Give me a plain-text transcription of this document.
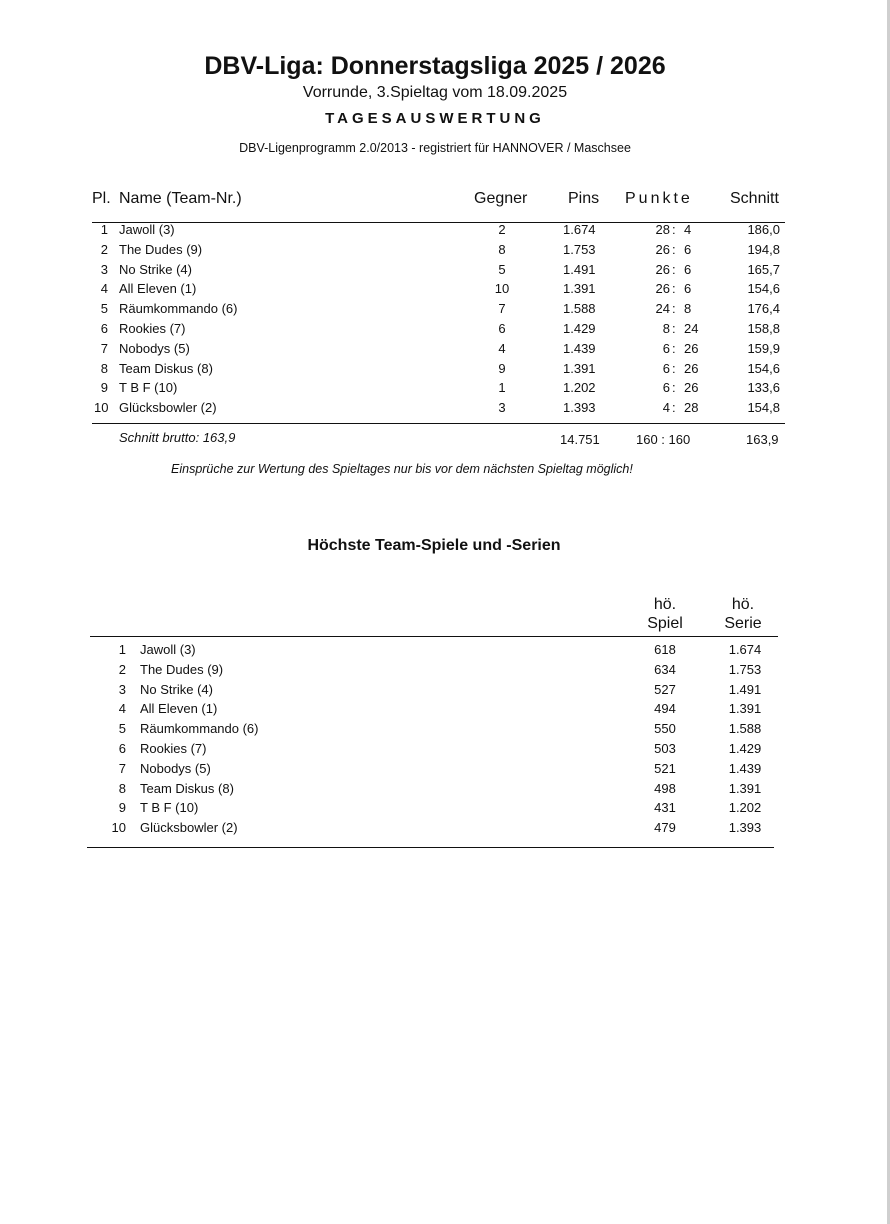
DBV-Liga: Donnerstagsliga 2025 / 2026
Vorrunde, 3.Spieltag vom 18.09.2025
TAGESAUSWERTUNG
DBV-Ligenprogramm 2.0/2013 - registriert für HANNOVER / Maschsee
Pl. Name (Team-Nr.)	Gegner	Pins Punkte Schnitt
1 Jawoll (3)	2	1.674	28 : 4	186,0
2 The Dudes (9)	8	1.753	26 : 6	194,8
3 No Strike (4)	5	1.491	26 : 6	165,7
4 All Eleven (1)	10	1.391	26 : 6	154,6
5 Räumkommando (6)	7	1.588	24 : 8	176,4
6 Rookies (7)	6	1.429	8 : 24	158,8
7 Nobodys (5)	4	1.439	6 : 26	159,9
8 Team Diskus (8)	9	1.391	6 : 26	154,6
9 T B F (10)	1	1.202	6 : 26	133,6
10 Glücksbowler (2)	3	1.393	4 : 28	154,8
Schnitt brutto: 163,9	14.751	160 : 160	163,9
Einsprüche zur Wertung des Spieltages nur bis vor dem nächsten Spieltag möglich!
Höchste Team-Spiele und -Serien
hö.
Spiel
hö.
Serie
1 Jawoll (3)	618	1.674
2 The Dudes (9)	634	1.753
3 No Strike (4)	527	1.491
4 All Eleven (1)	494	1.391
5 Räumkommando (6)	550	1.588
6 Rookies (7)	503	1.429
7 Nobodys (5)	521	1.439
8 Team Diskus (8)	498	1.391
9 T B F (10)	431	1.202
10 Glücksbowler (2)	479	1.393
